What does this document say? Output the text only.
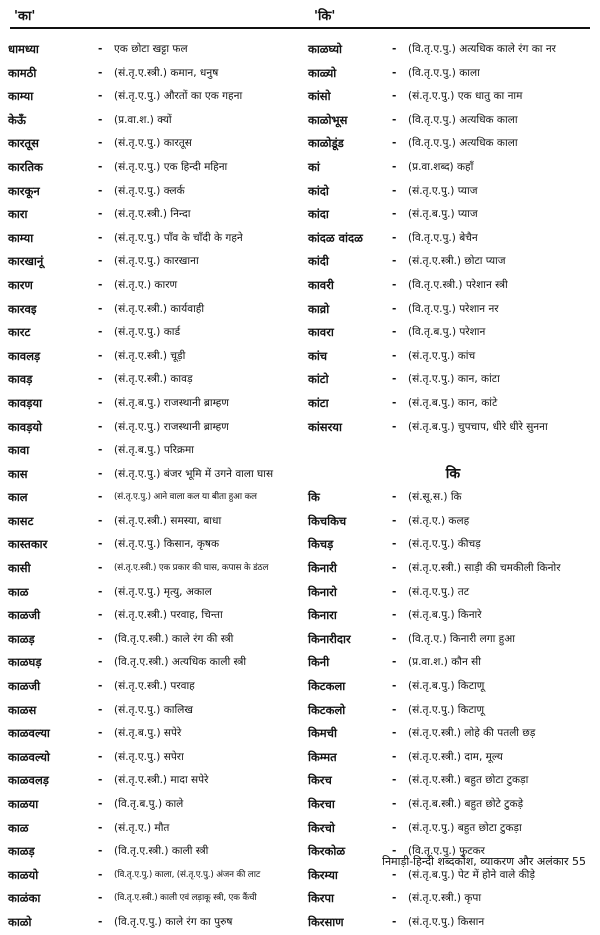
'का'	'कि'
धामध्या	- एक छोटा खट्टा फल
कामठी	- (सं.तृ.ए.स्त्री.) कमान, धनुष
काम्या	- (सं.तृ.ए.पु.) औरतों का एक गहना
केऊँ	- (प्र.वा.श.) क्यों
कारतूस	- (सं.तृ.ए.पु.) कारतूस
कारतिक	- (सं.तृ.ए.पु.) एक हिन्दी महिना
कारकून	- (सं.तृ.ए.पु.) क्लर्क
कारा	- (सं.तृ.ए.स्त्री.) निन्दा
काम्या	- (सं.तृ.ए.पु.) पाँव के चाँदी के गहने
कारखानूं	- (सं.तृ.ए.पु.) कारखाना
कारण	- (सं.तृ.ए.) कारण
कारवइ	- (सं.तृ.ए.स्त्री.) कार्यवाही
कारट	- (सं.तृ.ए.पु.) कार्ड
कावलड़	- (सं.तृ.ए.स्त्री.) चूड़ी
कावड़	- (सं.तृ.ए.स्त्री.) कावड़
कावड़या	- (सं.तृ.ब.पु.) राजस्थानी ब्राम्हण
कावड़यो	- (सं.तृ.ए.पु.) राजस्थानी ब्राम्हण
कावा	- (सं.तृ.ब.पु.) परिक्रमा
कास	- (सं.तृ.ए.पु.) बंजर भूमि में उगने वाला घास
काल	- (सं.तृ.ए.पु.) आने वाला कल या बीता हुआ कल
कासट	- (सं.तृ.ए.स्त्री.) समस्या, बाधा
कास्तकार	- (सं.तृ.ए.पु.) किसान, कृषक
कासी	- (सं.तृ.ए.स्त्री.) एक प्रकार की घास, कपास के डंठल
काळ	- (सं.तृ.ए.पु.) मृत्यु, अकाल
काळजी	- (सं.तृ.ए.स्त्री.) परवाह, चिन्ता
काळड़	- (वि.तृ.ए.स्त्री.) काले रंग की स्त्री
काळघड़	- (वि.तृ.ए.स्त्री.) अत्यधिक काली स्त्री
काळजी	- (सं.तृ.ए.स्त्री.) परवाह
काळस	- (सं.तृ.ए.पु.) कालिख
काळवल्या	- (सं.तृ.ब.पु.) सपेरे
काळवल्यो	- (सं.तृ.ए.पु.) सपेरा
काळवलड़	- (सं.तृ.ए.स्त्री.) मादा सपेरे
काळया	- (वि.तृ.ब.पु.) काले
काळ	- (सं.तृ.ए.) मौत
काळड़	- (वि.तृ.ए.स्त्री.) काली स्त्री
काळयो	- (वि.तृ.ए.पु.) काला, (सं.तृ.ए.पु.) अंजन की लाट
काळंका	- (वि.तृ.ए.स्त्री.) काली एवं लड़ाकू स्त्री, एक कैंची
काळो	- (वि.तृ.ए.पु.) काले रंग का पुरुष
काळघ्यो	- (वि.तृ.ए.पु.) अत्यधिक काले रंग का नर
काळ्यो	- (वि.तृ.ए.पु.) काला
कांसो	- (सं.तृ.ए.पु.) एक धातु का नाम
काळोभूस	- (वि.तृ.ए.पु.) अत्यधिक काला
काळोडूंड	- (वि.तृ.ए.पु.) अत्यधिक काला
कां	- (प्र.वा.शब्द) कहाँ
कांदो	- (सं.तृ.ए.पु.) प्याज
कांदा	- (सं.तृ.ब.पु.) प्याज
कांदळ वांदळ	- (वि.तृ.ए.पु.) बेचैन
कांदी	- (सं.तृ.ए.स्त्री.) छोटा प्याज
कावरी	- (वि.तृ.ए.स्त्री.) परेशान स्त्री
काव्रो	- (वि.तृ.ए.पु.) परेशान नर
कावरा	- (वि.तृ.ब.पु.) परेशान
कांच	- (सं.तृ.ए.पु.) कांच
कांटो	- (सं.तृ.ए.पु.) कान, कांटा
कांटा	- (सं.तृ.ब.पु.) कान, कांटे
कांसरया	- (सं.तृ.ब.पु.) चुपचाप, धीरे धीरे सुनना
कि
कि	- (सं.सू.स.) कि
किचकिच	- (सं.तृ.ए.) कलह
किचड़	- (सं.तृ.ए.पु.) कीचड़
किनारी	- (सं.तृ.ए.स्त्री.) साड़ी की चमकीली किनोर
किनारो	- (सं.तृ.ए.पु.) तट
किनारा	- (सं.तृ.ब.पु.) किनारे
किनारीदार	- (वि.तृ.ए.) किनारी लगा हुआ
किनी	- (प्र.वा.श.) कौन सी
किटकला	- (सं.तृ.ब.पु.) किटाणू
किटकलो	- (सं.तृ.ए.पु.) किटाणू
किमची	- (सं.तृ.ए.स्त्री.) लोहे की पतली छड़
किम्मत	- (सं.तृ.ए.स्त्री.) दाम, मूल्य
किरच	- (सं.तृ.ए.स्त्री.) बहुत छोटा टुकड़ा
किरचा	- (सं.तृ.ब.स्त्री.) बहुत छोटे टुकड़े
किरचो	- (सं.तृ.ए.पु.) बहुत छोटा टुकड़ा
किरकोळ	- (वि.तृ.ए.पु.) फुटकर
किरम्या	- (सं.तृ.ब.पु.) पेट में होने वाले कीड़े
किरपा	- (सं.तृ.ए.स्त्री.) कृपा
किरसाण	- (सं.तृ.ए.पु.) किसान
निमाड़ी-हिन्दी शब्दकोश, व्याकरण और अलंकार 55
